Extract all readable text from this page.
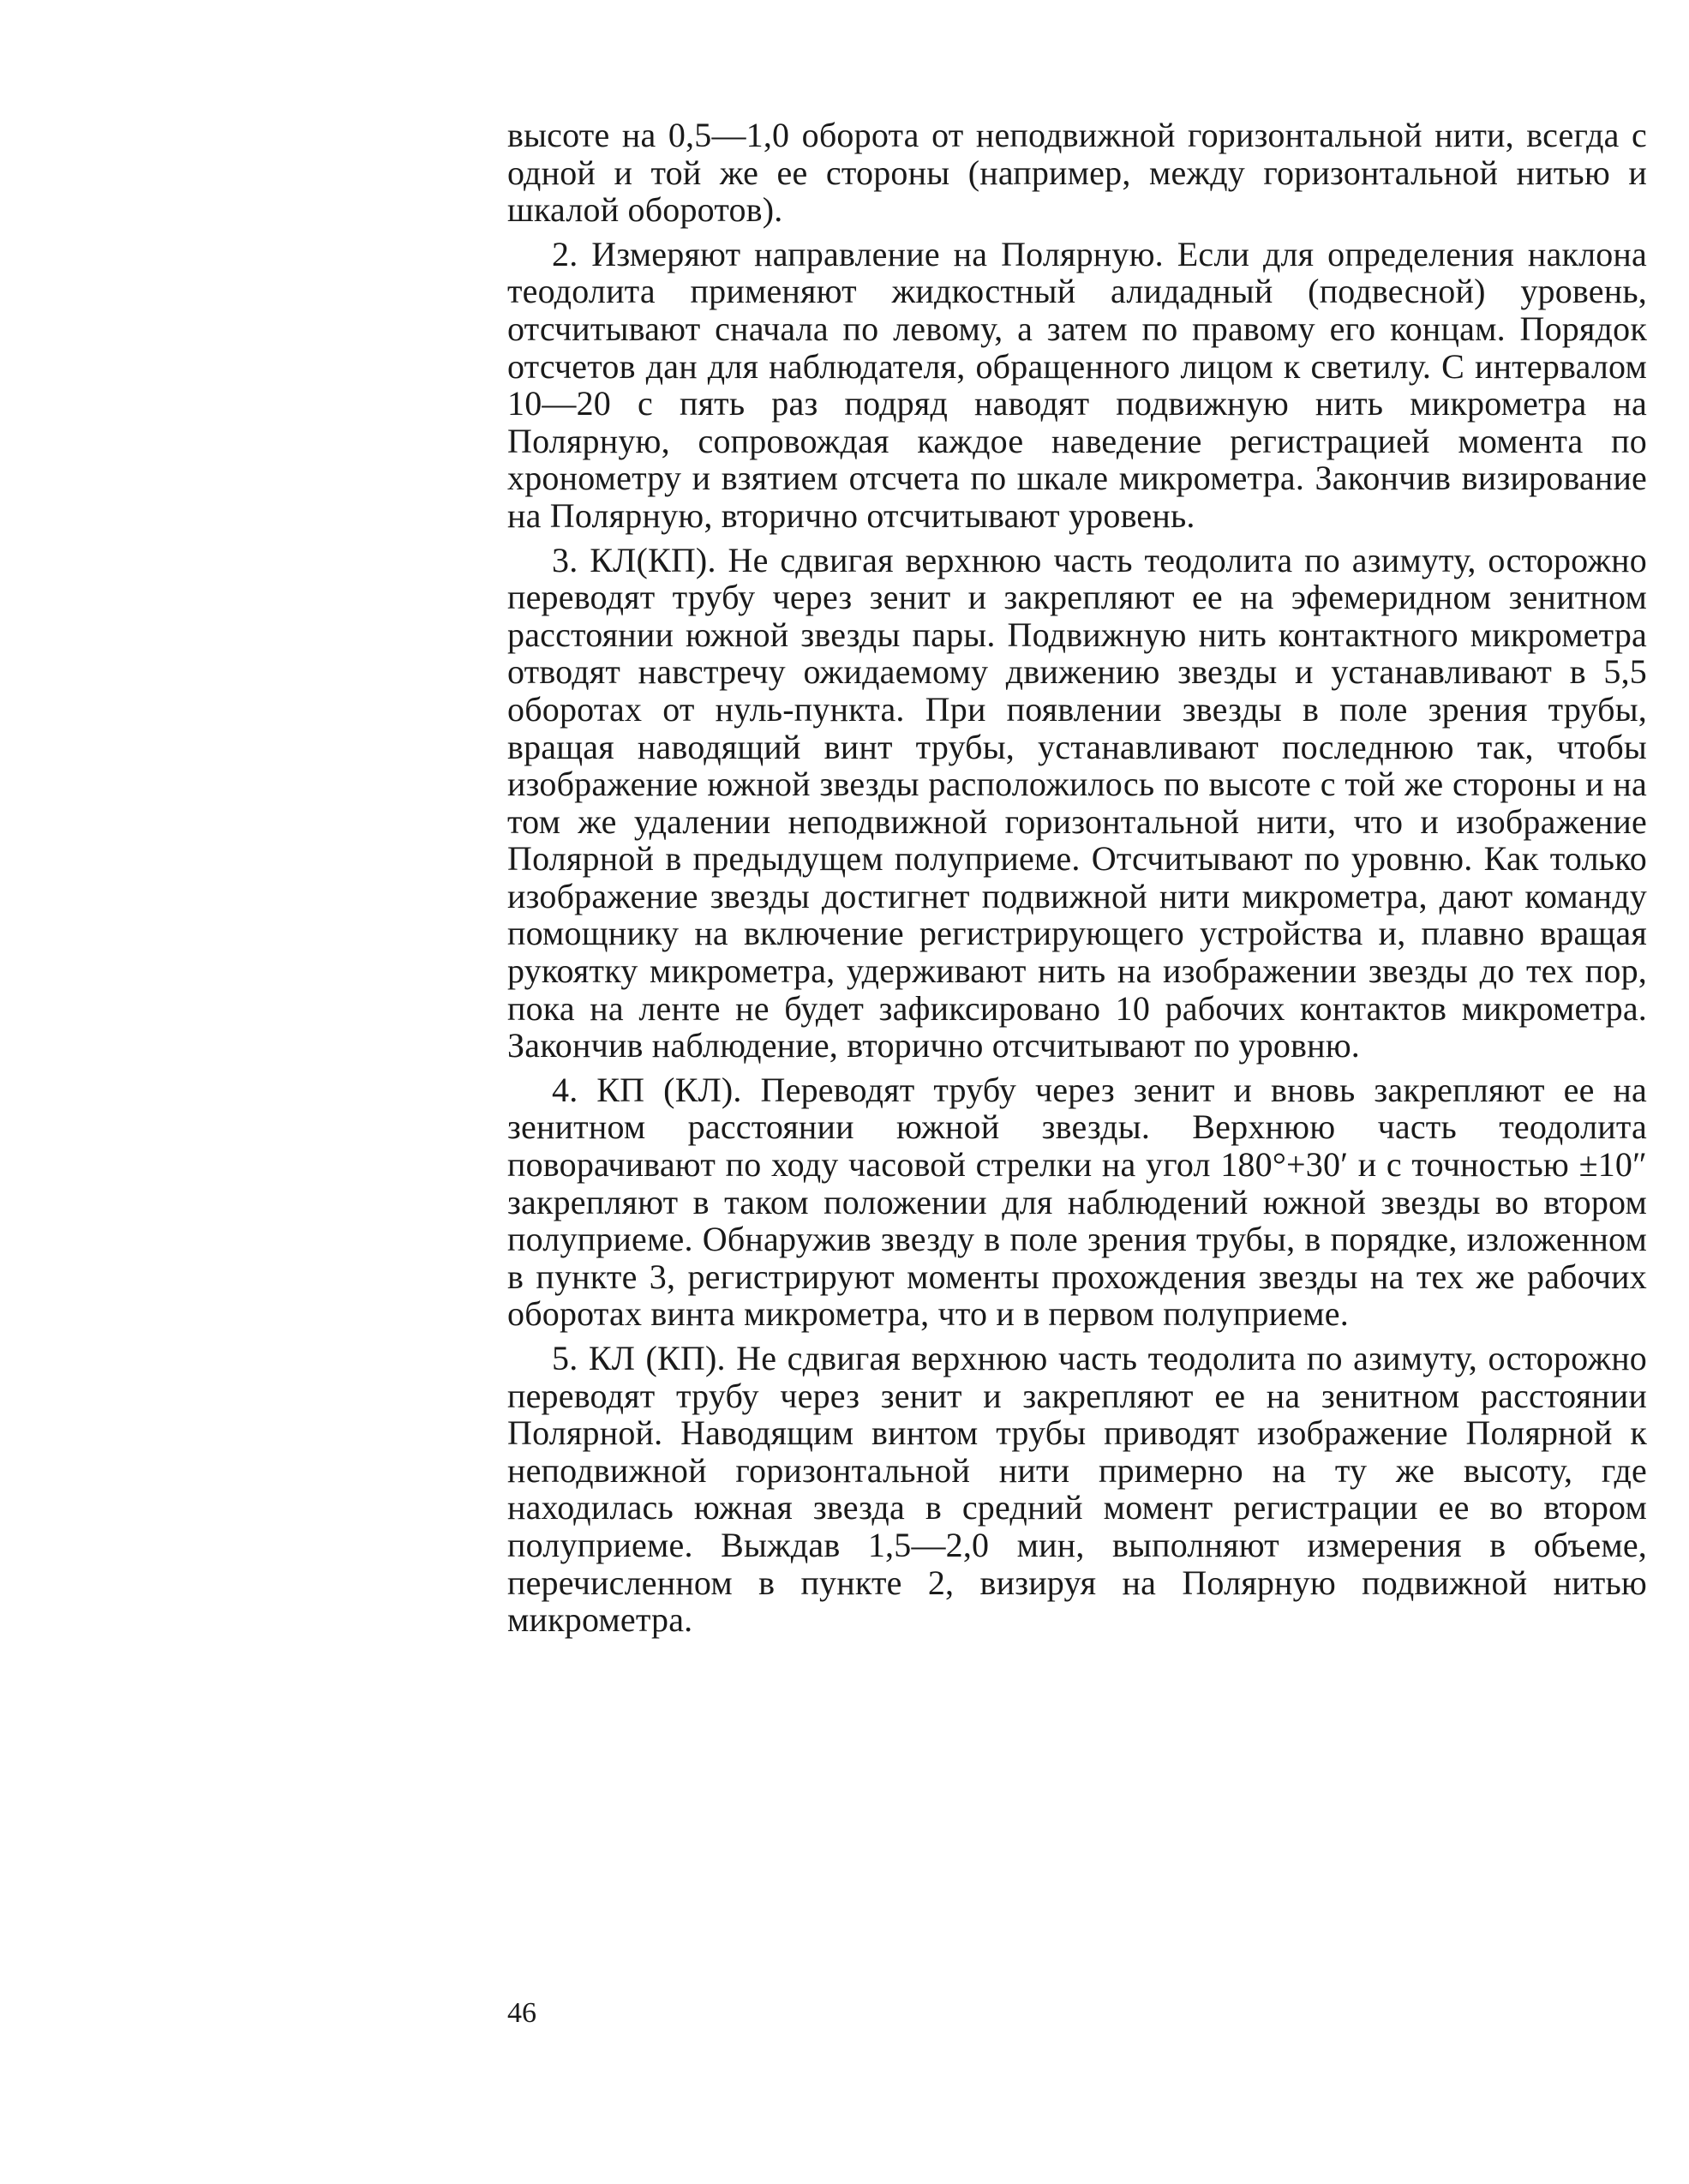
высоте на 0,5—1,0 оборота от неподвижной горизонтальной нити, всегда с одной и той же ее стороны (например, между горизонтальной нитью и шкалой оборотов).

2. Измеряют направление на Полярную. Если для определения наклона теодолита применяют жидкостный алидадный (подвесной) уровень, отсчитывают сначала по левому, а затем по правому его концам. Порядок отсчетов дан для наблюдателя, обращенного лицом к светилу. С интервалом 10—20 с пять раз подряд наводят подвижную нить микрометра на Полярную, сопровождая каждое наведение регистрацией момента по хронометру и взятием отсчета по шкале микрометра. Закончив визирование на Полярную, вторично отсчитывают уровень.

3. КЛ(КП). Не сдвигая верхнюю часть теодолита по азимуту, осторожно переводят трубу через зенит и закрепляют ее на эфемеридном зенитном расстоянии южной звезды пары. Подвижную нить контактного микрометра отводят навстречу ожидаемому движению звезды и устанавливают в 5,5 оборотах от нуль-пункта. При появлении звезды в поле зрения трубы, вращая наводящий винт трубы, устанавливают последнюю так, чтобы изображение южной звезды расположилось по высоте с той же стороны и на том же удалении неподвижной горизонтальной нити, что и изображение Полярной в предыдущем полуприеме. Отсчитывают по уровню. Как только изображение звезды достигнет подвижной нити микрометра, дают команду помощнику на включение регистрирующего устройства и, плавно вращая рукоятку микрометра, удерживают нить на изображении звезды до тех пор, пока на ленте не будет зафиксировано 10 рабочих контактов микрометра. Закончив наблюдение, вторично отсчитывают по уровню.

4. КП (КЛ). Переводят трубу через зенит и вновь закрепляют ее на зенитном расстоянии южной звезды. Верхнюю часть теодолита поворачивают по ходу часовой стрелки на угол 180°+30′ и с точностью ±10″ закрепляют в таком положении для наблюдений южной звезды во втором полуприеме. Обнаружив звезду в поле зрения трубы, в порядке, изложенном в пункте 3, регистрируют моменты прохождения звезды на тех же рабочих оборотах винта микрометра, что и в первом полуприеме.

5. КЛ (КП). Не сдвигая верхнюю часть теодолита по азимуту, осторожно переводят трубу через зенит и закрепляют ее на зенитном расстоянии Полярной. Наводящим винтом трубы приводят изображение Полярной к неподвижной горизонтальной нити примерно на ту же высоту, где находилась южная звезда в средний момент регистрации ее во втором полуприеме. Выждав 1,5—2,0 мин, выполняют измерения в объеме, перечисленном в пункте 2, визируя на Полярную подвижной нитью микрометра.

46
